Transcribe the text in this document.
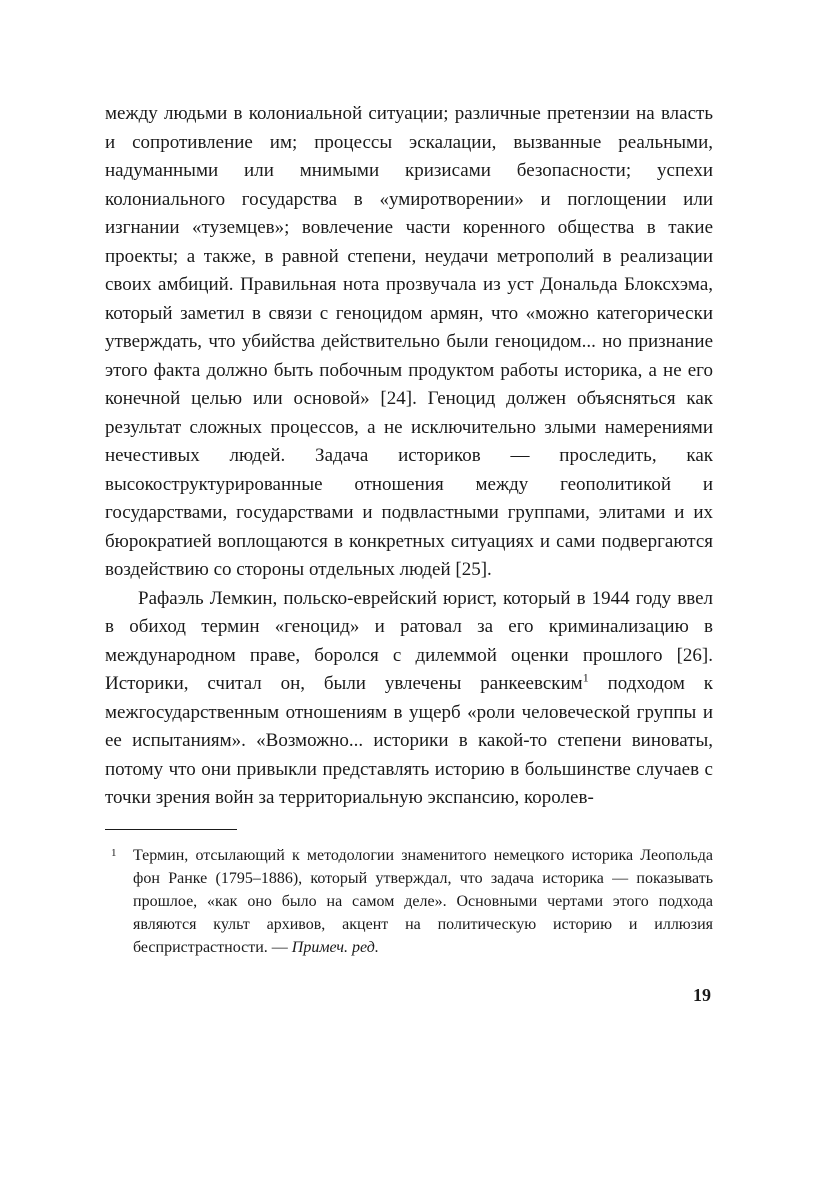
между людьми в колониальной ситуации; различные претензии на власть и сопротивление им; процессы эскалации, вызванные реальными, надуманными или мнимыми кризисами безопасности; успехи колониального государства в «умиротворении» и поглощении или изгнании «туземцев»; вовлечение части коренного общества в такие проекты; а также, в равной степени, неудачи метрополий в реализации своих амбиций. Правильная нота прозвучала из уст Дональда Блоксхэма, который заметил в связи с геноцидом армян, что «можно категорически утверждать, что убийства действительно были геноцидом... но признание этого факта должно быть побочным продуктом работы историка, а не его конечной целью или основой» [24]. Геноцид должен объясняться как результат сложных процессов, а не исключительно злыми намерениями нечестивых людей. Задача историков — проследить, как высокоструктурированные отношения между геополитикой и государствами, государствами и подвластными группами, элитами и их бюрократией воплощаются в конкретных ситуациях и сами подвергаются воздействию со стороны отдельных людей [25].

Рафаэль Лемкин, польско-еврейский юрист, который в 1944 году ввел в обиход термин «геноцид» и ратовал за его криминализацию в международном праве, боролся с дилеммой оценки прошлого [26]. Историки, считал он, были увлечены ранкеевским$^1$ подходом к межгосударственным отношениям в ущерб «роли человеческой группы и ее испытаниям». «Возможно... историки в какой-то степени виноваты, потому что они привыкли представлять историю в большинстве случаев с точки зрения войн за территориальную экспансию, королев-

1 Термин, отсылающий к методологии знаменитого немецкого историка Леопольда фон Ранке (1795–1886), который утверждал, что задача историка — показывать прошлое, «как оно было на самом деле». Основными чертами этого подхода являются культ архивов, акцент на политическую историю и иллюзия беспристрастности. — Примеч. ред.
19
